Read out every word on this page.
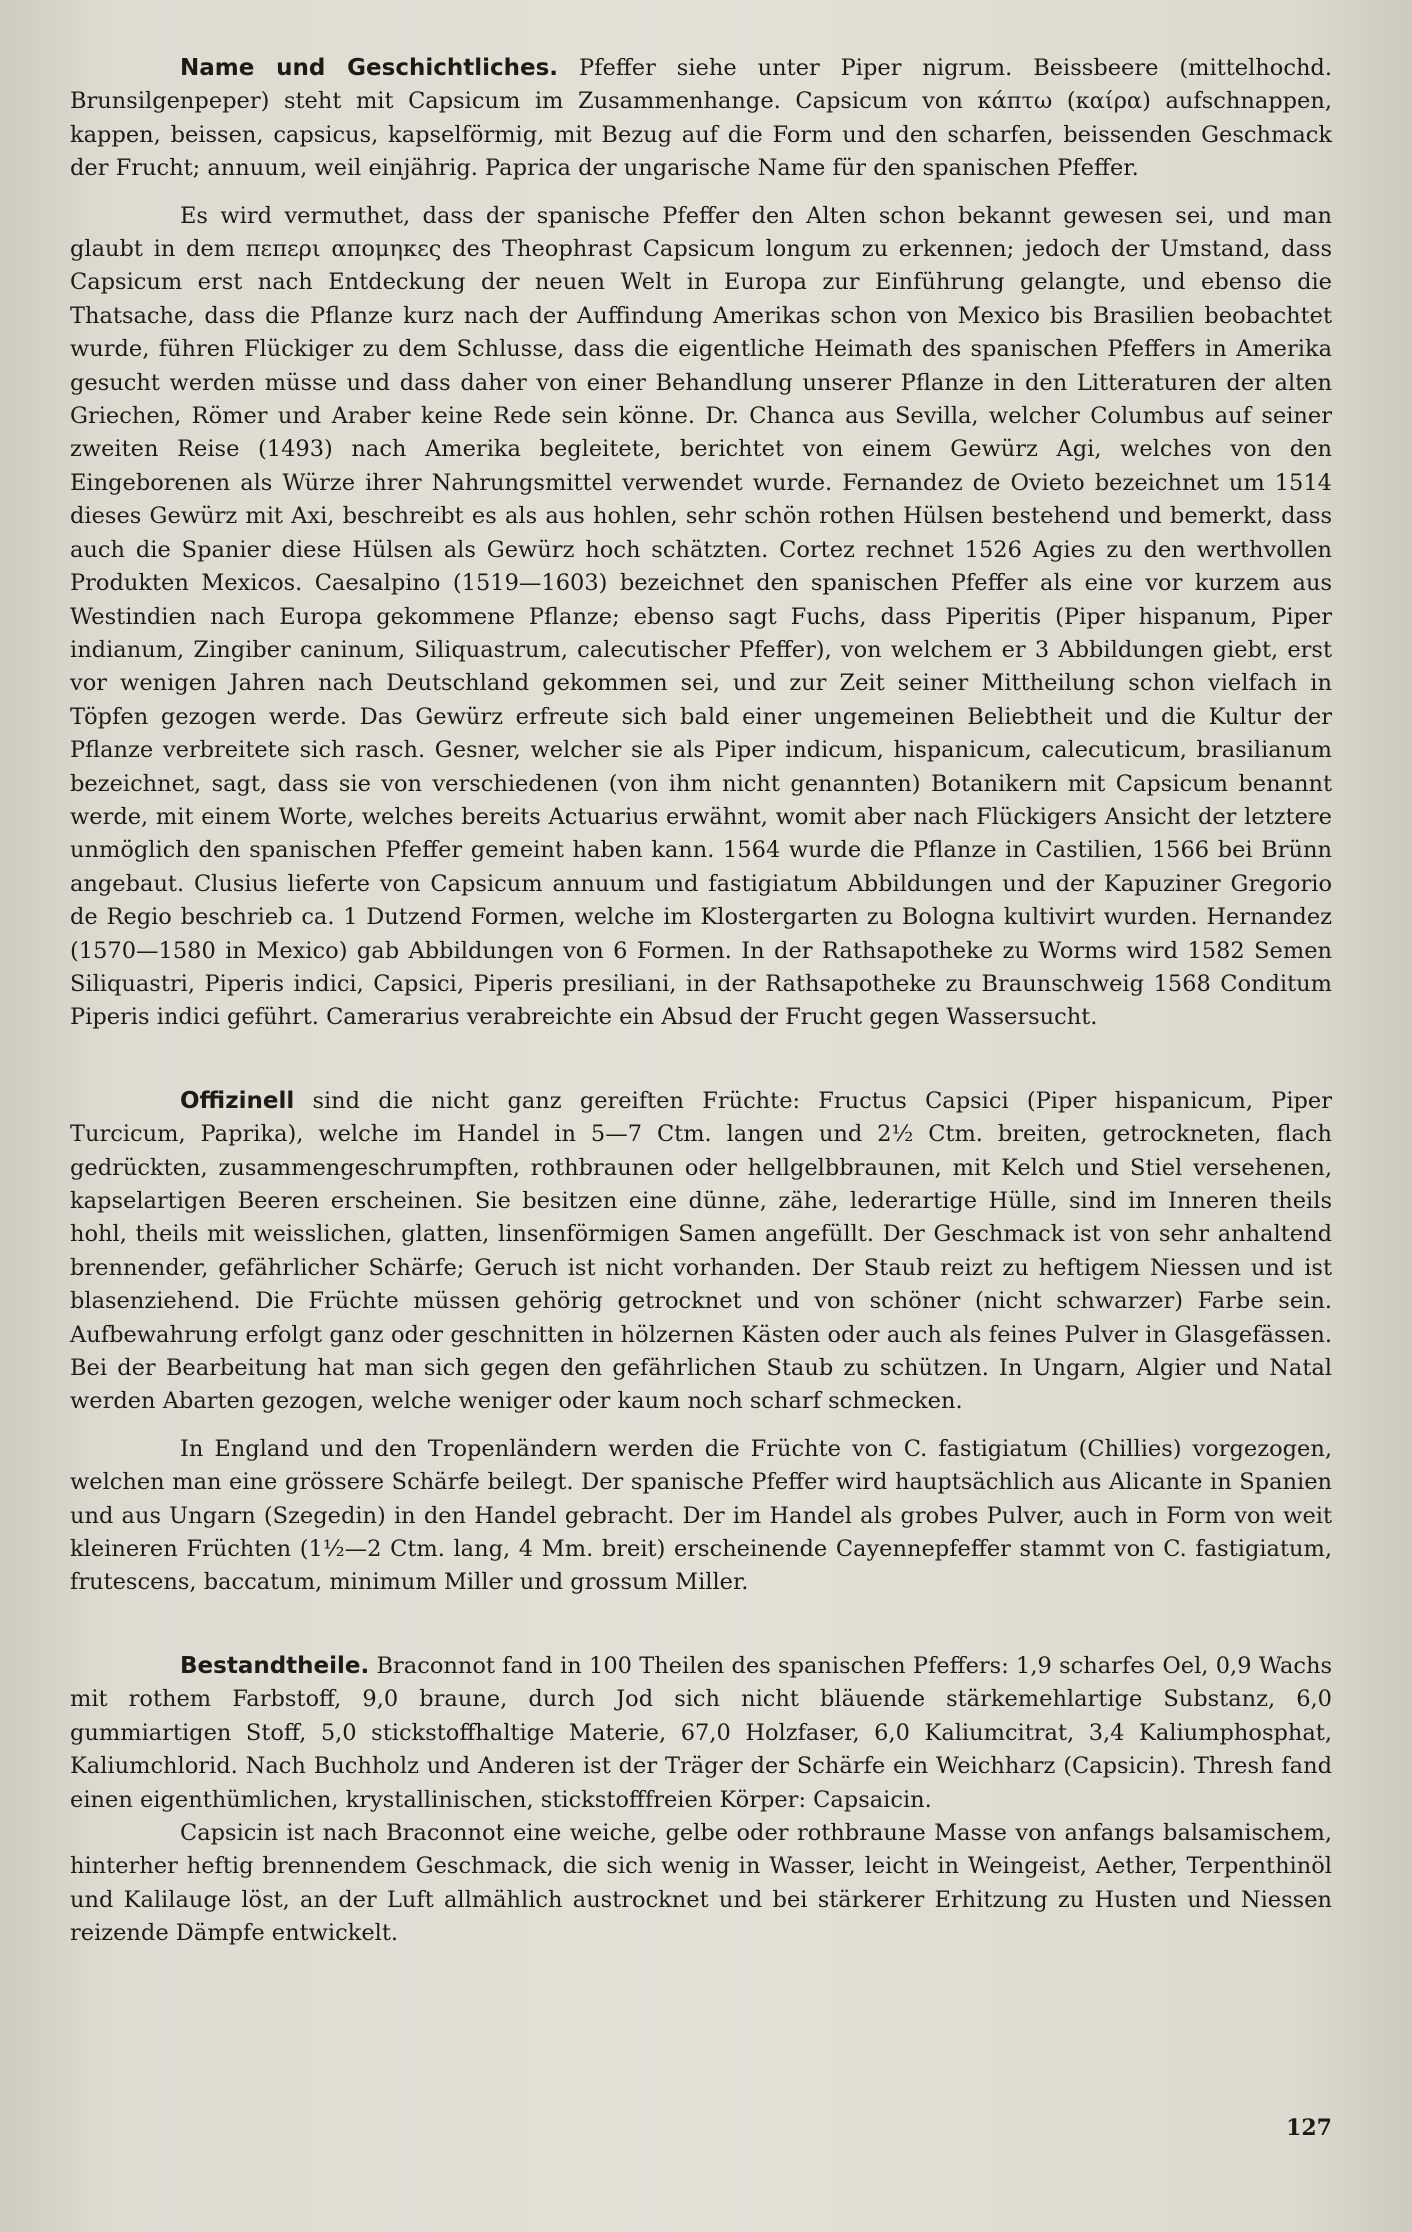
Name und Geschichtliches. Pfeffer siehe unter Piper nigrum. Beissbeere (mittelhochd. Brunsilgenpeper) steht mit Capsicum im Zusammenhange. Capsicum von κάπτω (καίρα) aufschnappen, kappen, beissen, capsicus, kapselförmig, mit Bezug auf die Form und den scharfen, beissenden Geschmack der Frucht; annuum, weil einjährig. Paprica der ungarische Name für den spanischen Pfeffer.

Es wird vermuthet, dass der spanische Pfeffer den Alten schon bekannt gewesen sei, und man glaubt in dem πεπερι απομηκες des Theophrast Capsicum longum zu erkennen; jedoch der Umstand, dass Capsicum erst nach Entdeckung der neuen Welt in Europa zur Einführung gelangte, und ebenso die Thatsache, dass die Pflanze kurz nach der Auffindung Amerikas schon von Mexico bis Brasilien beobachtet wurde, führen Flückiger zu dem Schlusse, dass die eigentliche Heimath des spanischen Pfeffers in Amerika gesucht werden müsse und dass daher von einer Behandlung unserer Pflanze in den Litteraturen der alten Griechen, Römer und Araber keine Rede sein könne. Dr. Chanca aus Sevilla, welcher Columbus auf seiner zweiten Reise (1493) nach Amerika begleitete, berichtet von einem Gewürz Agi, welches von den Eingeborenen als Würze ihrer Nahrungsmittel verwendet wurde. Fernandez de Ovieto bezeichnet um 1514 dieses Gewürz mit Axi, beschreibt es als aus hohlen, sehr schön rothen Hülsen bestehend und bemerkt, dass auch die Spanier diese Hülsen als Gewürz hoch schätzten. Cortez rechnet 1526 Agies zu den werthvollen Produkten Mexicos. Caesalpino (1519—1603) bezeichnet den spanischen Pfeffer als eine vor kurzem aus Westindien nach Europa gekommene Pflanze; ebenso sagt Fuchs, dass Piperitis (Piper hispanum, Piper indianum, Zingiber caninum, Siliquastrum, calecutischer Pfeffer), von welchem er 3 Abbildungen giebt, erst vor wenigen Jahren nach Deutschland gekommen sei, und zur Zeit seiner Mittheilung schon vielfach in Töpfen gezogen werde. Das Gewürz erfreute sich bald einer ungemeinen Beliebtheit und die Kultur der Pflanze verbreitete sich rasch. Gesner, welcher sie als Piper indicum, hispanicum, calecuticum, brasilianum bezeichnet, sagt, dass sie von verschiedenen (von ihm nicht genannten) Botanikern mit Capsicum benannt werde, mit einem Worte, welches bereits Actuarius erwähnt, womit aber nach Flückigers Ansicht der letztere unmöglich den spanischen Pfeffer gemeint haben kann. 1564 wurde die Pflanze in Castilien, 1566 bei Brünn angebaut. Clusius lieferte von Capsicum annuum und fastigiatum Abbildungen und der Kapuziner Gregorio de Regio beschrieb ca. 1 Dutzend Formen, welche im Klostergarten zu Bologna kultivirt wurden. Hernandez (1570—1580 in Mexico) gab Abbildungen von 6 Formen. In der Rathsapotheke zu Worms wird 1582 Semen Siliquastri, Piperis indici, Capsici, Piperis presiliani, in der Rathsapotheke zu Braunschweig 1568 Conditum Piperis indici geführt. Camerarius verabreichte ein Absud der Frucht gegen Wassersucht.

Offizinell sind die nicht ganz gereiften Früchte: Fructus Capsici (Piper hispanicum, Piper Turcicum, Paprika), welche im Handel in 5—7 Ctm. langen und 2½ Ctm. breiten, getrockneten, flach gedrückten, zusammengeschrumpften, rothbraunen oder hellgelbbraunen, mit Kelch und Stiel versehenen, kapselartigen Beeren erscheinen. Sie besitzen eine dünne, zähe, lederartige Hülle, sind im Inneren theils hohl, theils mit weisslichen, glatten, linsenförmigen Samen angefüllt. Der Geschmack ist von sehr anhaltend brennender, gefährlicher Schärfe; Geruch ist nicht vorhanden. Der Staub reizt zu heftigem Niessen und ist blasenziehend. Die Früchte müssen gehörig getrocknet und von schöner (nicht schwarzer) Farbe sein. Aufbewahrung erfolgt ganz oder geschnitten in hölzernen Kästen oder auch als feines Pulver in Glasgefässen. Bei der Bearbeitung hat man sich gegen den gefährlichen Staub zu schützen. In Ungarn, Algier und Natal werden Abarten gezogen, welche weniger oder kaum noch scharf schmecken.

In England und den Tropenländern werden die Früchte von C. fastigiatum (Chillies) vorgezogen, welchen man eine grössere Schärfe beilegt. Der spanische Pfeffer wird hauptsächlich aus Alicante in Spanien und aus Ungarn (Szegedin) in den Handel gebracht. Der im Handel als grobes Pulver, auch in Form von weit kleineren Früchten (1½—2 Ctm. lang, 4 Mm. breit) erscheinende Cayennepfeffer stammt von C. fastigiatum, frutescens, baccatum, minimum Miller und grossum Miller.

Bestandtheile. Braconnot fand in 100 Theilen des spanischen Pfeffers: 1,9 scharfes Oel, 0,9 Wachs mit rothem Farbstoff, 9,0 braune, durch Jod sich nicht bläuende stärkemehlartige Substanz, 6,0 gummiartigen Stoff, 5,0 stickstoffhaltige Materie, 67,0 Holzfaser, 6,0 Kaliumcitrat, 3,4 Kaliumphosphat, Kaliumchlorid. Nach Buchholz und Anderen ist der Träger der Schärfe ein Weichharz (Capsicin). Thresh fand einen eigenthümlichen, krystallinischen, stickstofffreien Körper: Capsaicin.

Capsicin ist nach Braconnot eine weiche, gelbe oder rothbraune Masse von anfangs balsamischem, hinterher heftig brennendem Geschmack, die sich wenig in Wasser, leicht in Weingeist, Aether, Terpenthinöl und Kalilauge löst, an der Luft allmählich austrocknet und bei stärkerer Erhitzung zu Husten und Niessen reizende Dämpfe entwickelt.

127
